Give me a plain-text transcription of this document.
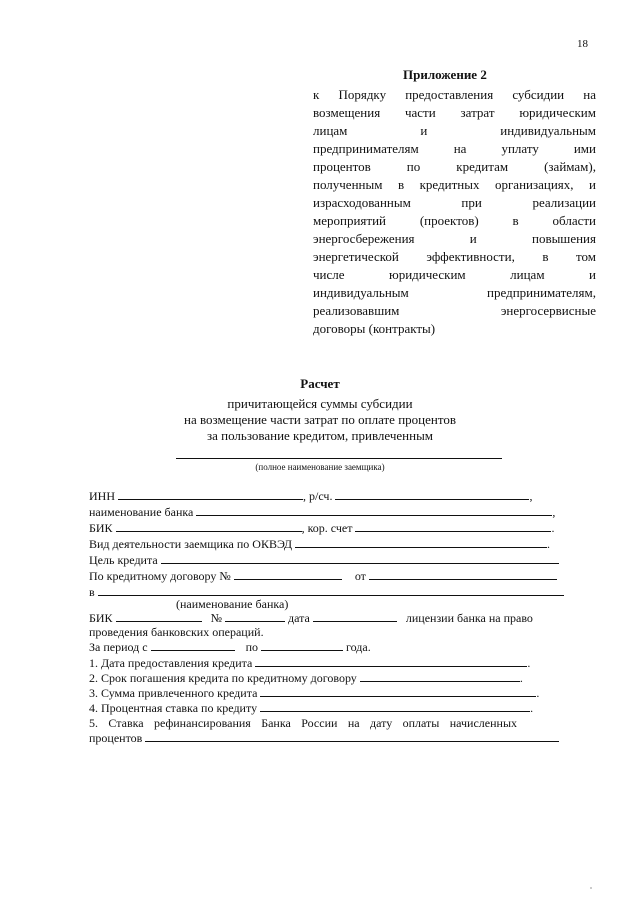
18
Приложение 2
к Порядку предоставления субсидии на
возмещения части затрат юридическим
лицам и индивидуальным
предпринимателям на уплату ими
процентов по кредитам (займам),
полученным в кредитных организациях, и
израсходованным при реализации
мероприятий (проектов) в области
энергосбережения и повышения
энергетической эффективности, в том
числе юридическим лицам и
индивидуальным предпринимателям,
реализовавшим энергосервисные
договоры (контракты)
Расчет
причитающейся суммы субсидии
на возмещение части затрат по оплате процентов
за пользование кредитом, привлеченным
(полное наименование заемщика)
ИНН	, р/сч.	,
наименование банка	,
БИК	, кор. счет	.
Вид деятельности заемщика по ОКВЭД	.
Цель кредита
По кредитному договору №	от
в
(наименование банка)
БИК	№	дата	лицензии банка на право
проведения банковских операций.
За период с	по	года.
1. Дата предоставления кредита	.
2. Срок погашения кредита по кредитному договору	.
3. Сумма привлеченного кредита	.
4. Процентная ставка по кредиту	.
5. Ставка рефинансирования Банка России на дату оплаты начисленных
процентов
